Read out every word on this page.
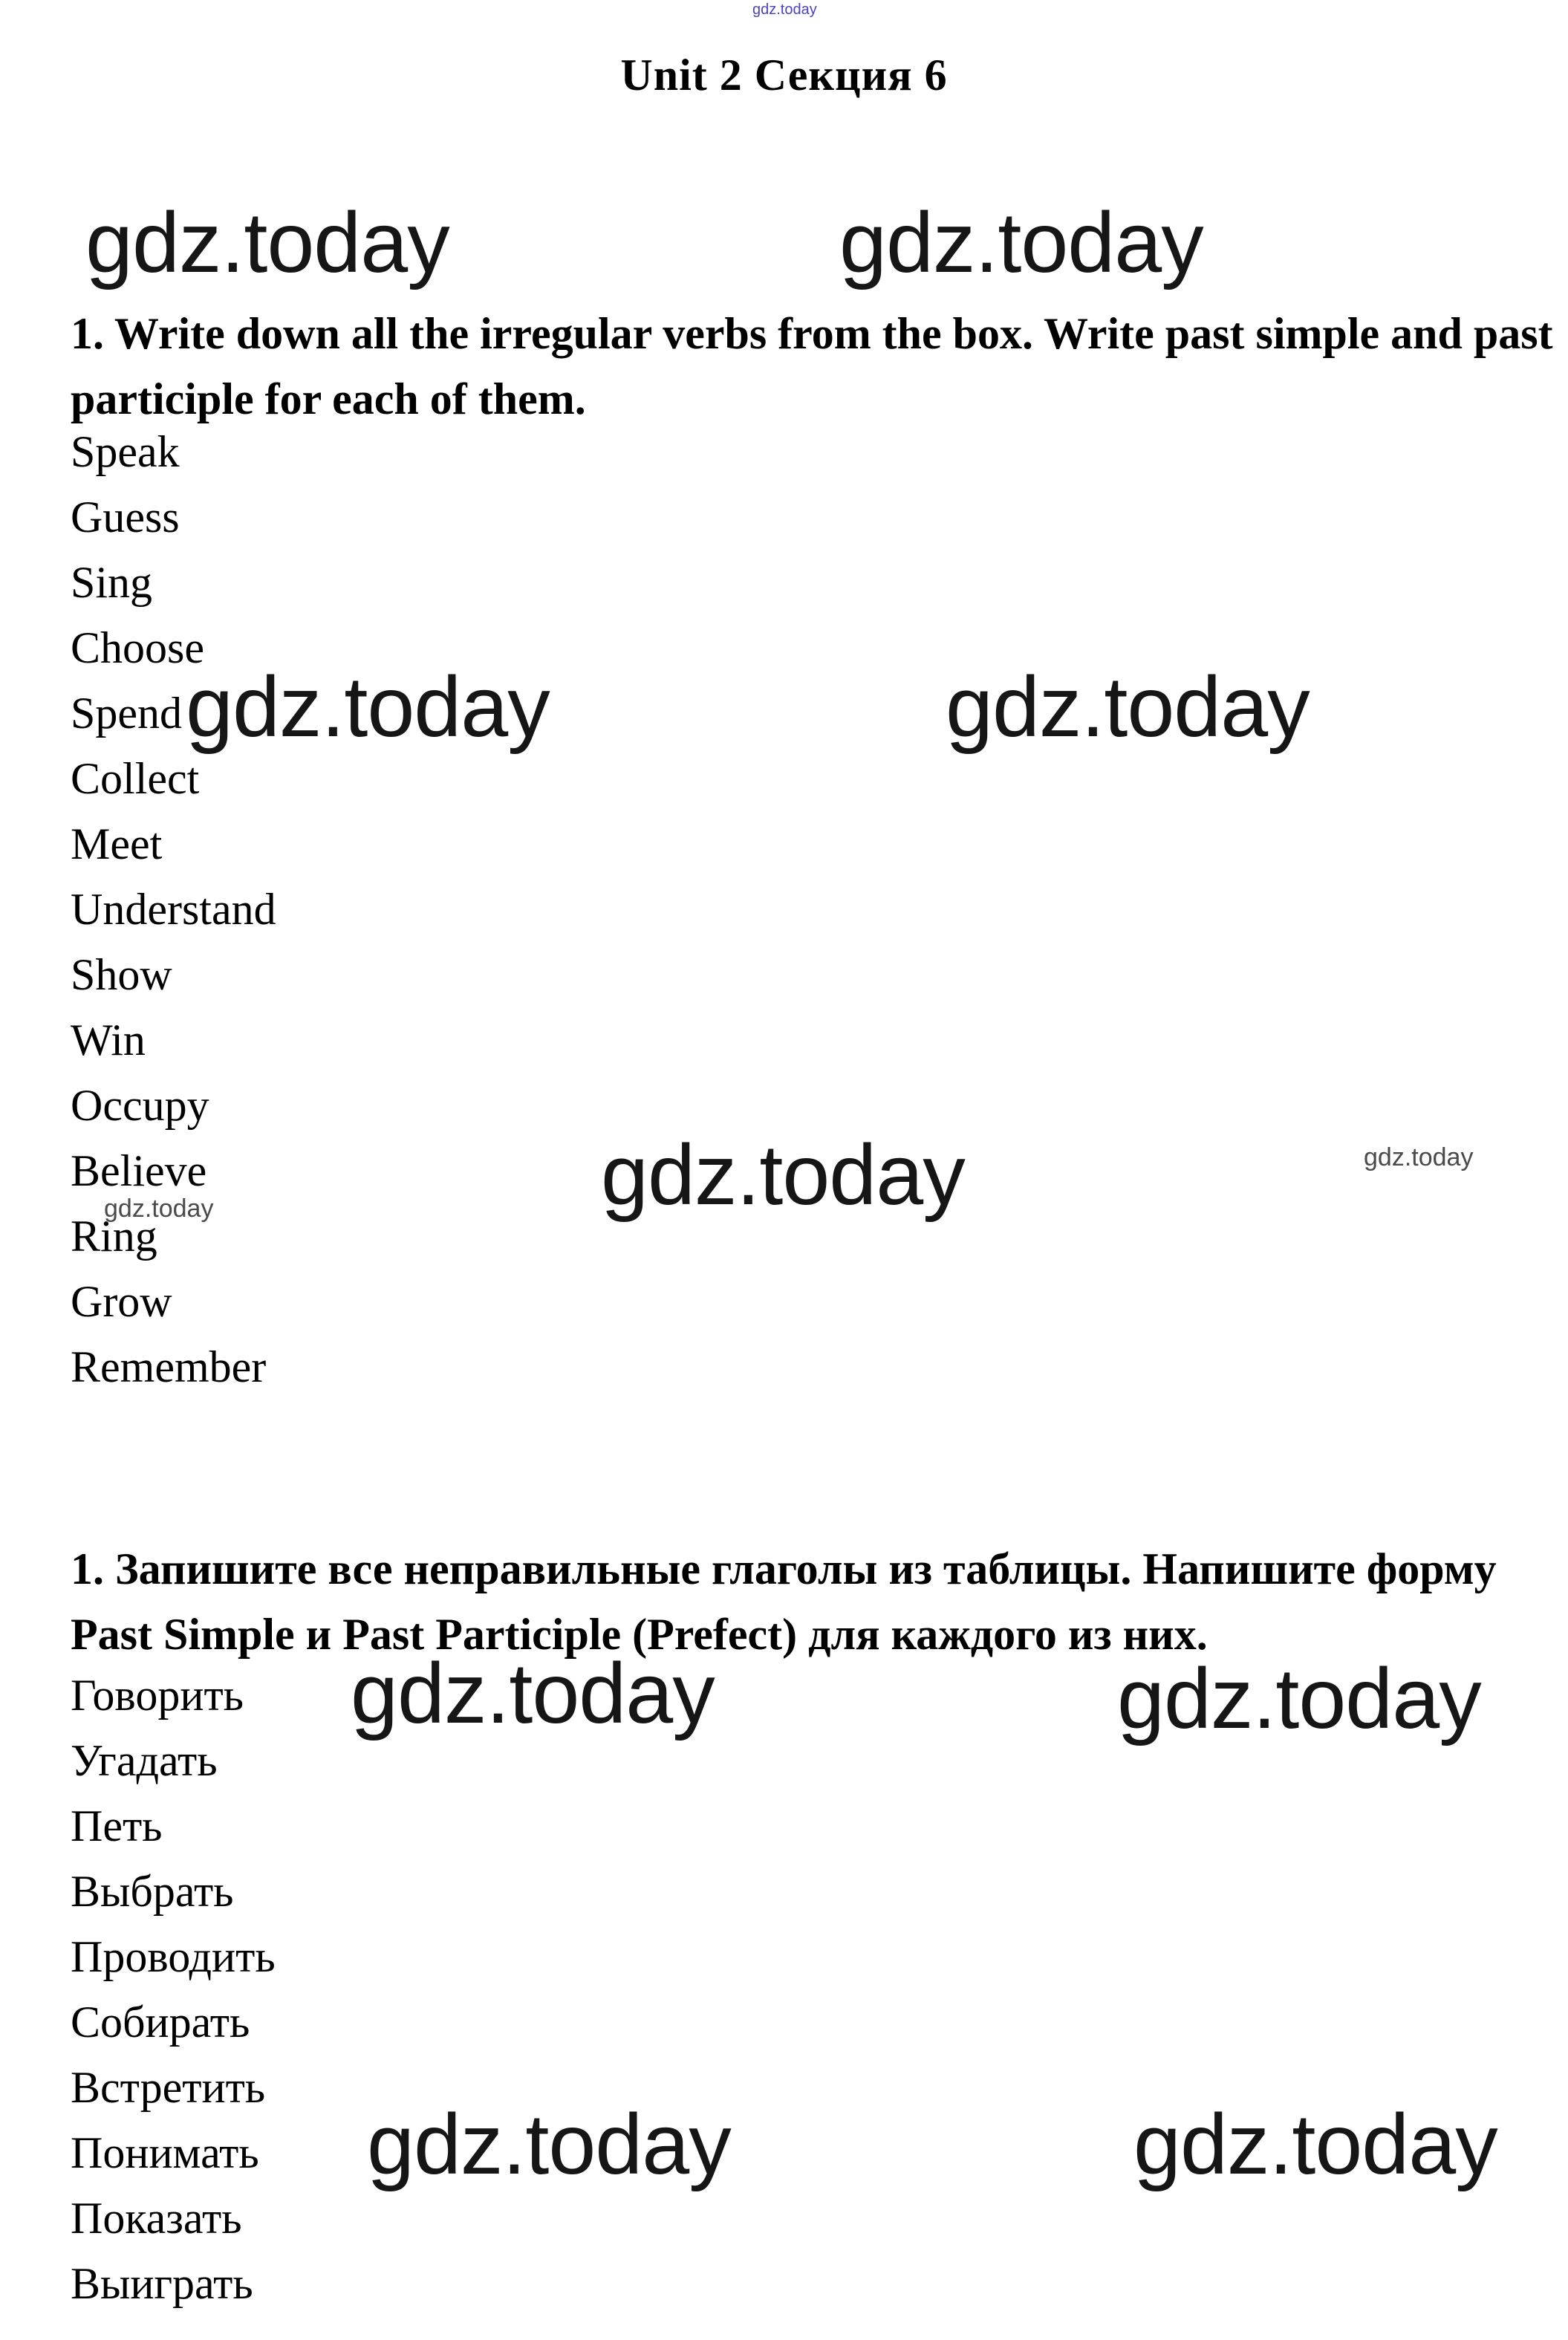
gdz.today
Unit 2 Секция 6
gdz.today	gdz.today
1. Write down all the irregular verbs from the box. Write past simple and past
participle for each of them.
Speak
Guess
Sing
Choose
Spend
Collect
Meet
Understand
Show
Win
Occupy
Believe
Ring
Grow
Remember
gdz.today	gdz.today
gdz.today	gdz.today
gdz.today
1. Запишите все неправильные глаголы из таблицы. Напишите форму
Past Simple и Past Participle (Prefect) для каждого из них.
gdz.today	gdz.today
Говорить
Угадать
Петь
Выбрать
Проводить
Собирать
Встретить
Понимать
Показать
Выиграть
gdz.today	gdz.today
